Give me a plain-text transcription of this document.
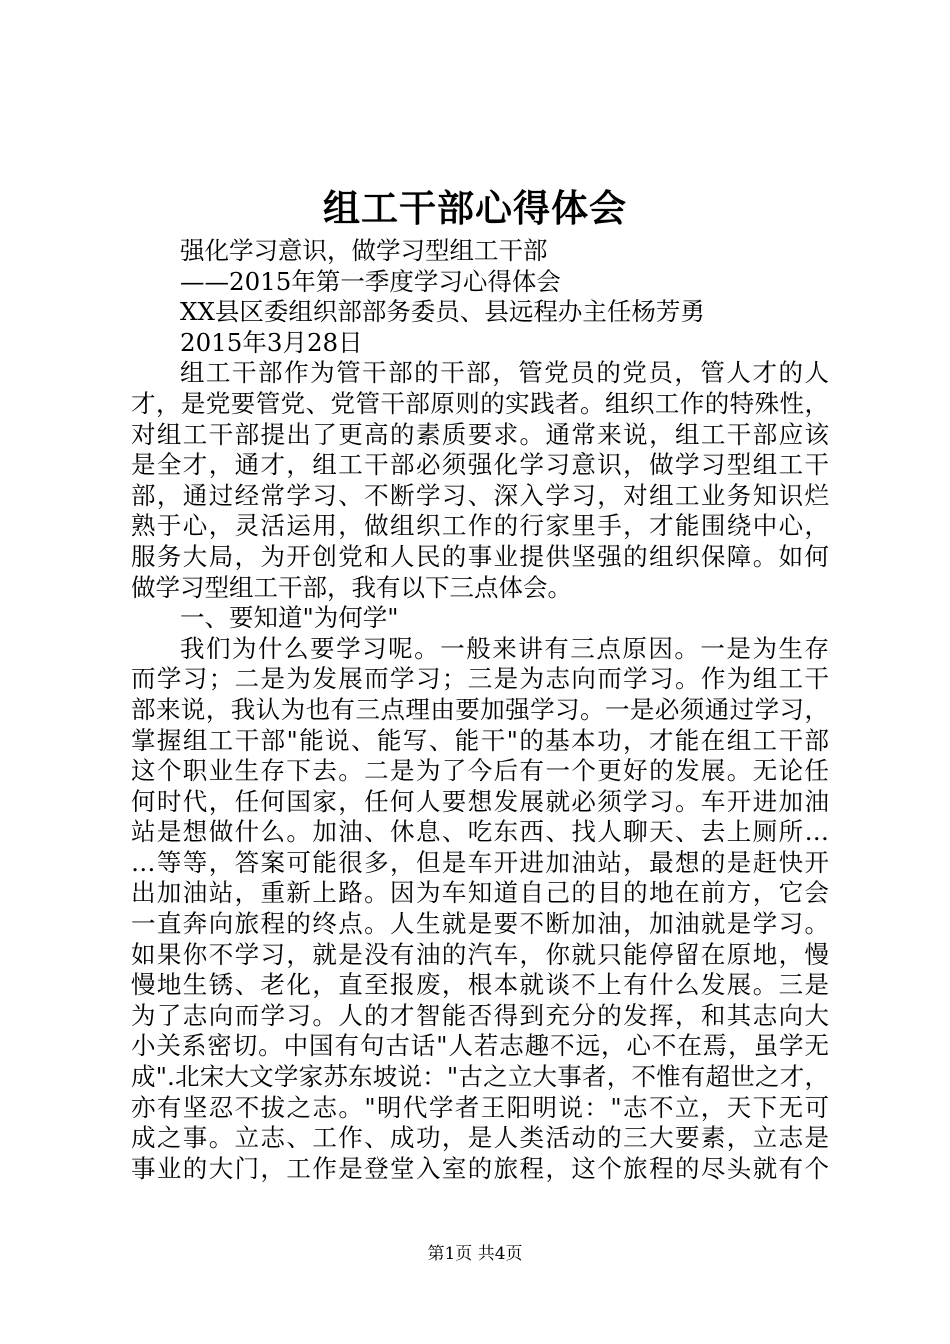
组工干部心得体会
强化学习意识，做学习型组工干部
——2015年第一季度学习心得体会
XX县区委组织部部务委员、县远程办主任杨芳勇
2015年3月28日
组工干部作为管干部的干部，管党员的党员，管人才的人
才，是党要管党、党管干部原则的实践者。组织工作的特殊性，
对组工干部提出了更高的素质要求。通常来说，组工干部应该
是全才，通才，组工干部必须强化学习意识，做学习型组工干
部，通过经常学习、不断学习、深入学习，对组工业务知识烂
熟于心，灵活运用，做组织工作的行家里手，才能围绕中心，
服务大局，为开创党和人民的事业提供坚强的组织保障。如何
做学习型组工干部，我有以下三点体会。
一、要知道"为何学"
我们为什么要学习呢。一般来讲有三点原因。一是为生存
而学习；二是为发展而学习；三是为志向而学习。作为组工干
部来说，我认为也有三点理由要加强学习。一是必须通过学习，
掌握组工干部"能说、能写、能干"的基本功，才能在组工干部
这个职业生存下去。二是为了今后有一个更好的发展。无论任
何时代，任何国家，任何人要想发展就必须学习。车开进加油
站是想做什么。加油、休息、吃东西、找人聊天、去上厕所…
…等等，答案可能很多，但是车开进加油站，最想的是赶快开
出加油站，重新上路。因为车知道自己的目的地在前方，它会
一直奔向旅程的终点。人生就是要不断加油，加油就是学习。
如果你不学习，就是没有油的汽车，你就只能停留在原地，慢
慢地生锈、老化，直至报废，根本就谈不上有什么发展。三是
为了志向而学习。人的才智能否得到充分的发挥，和其志向大
小关系密切。中国有句古话"人若志趣不远，心不在焉，虽学无
成".北宋大文学家苏东坡说："古之立大事者，不惟有超世之才，
亦有坚忍不拔之志。"明代学者王阳明说："志不立，天下无可
成之事。立志、工作、成功，是人类活动的三大要素，立志是
事业的大门，工作是登堂入室的旅程，这个旅程的尽头就有个
第1页 共4页
